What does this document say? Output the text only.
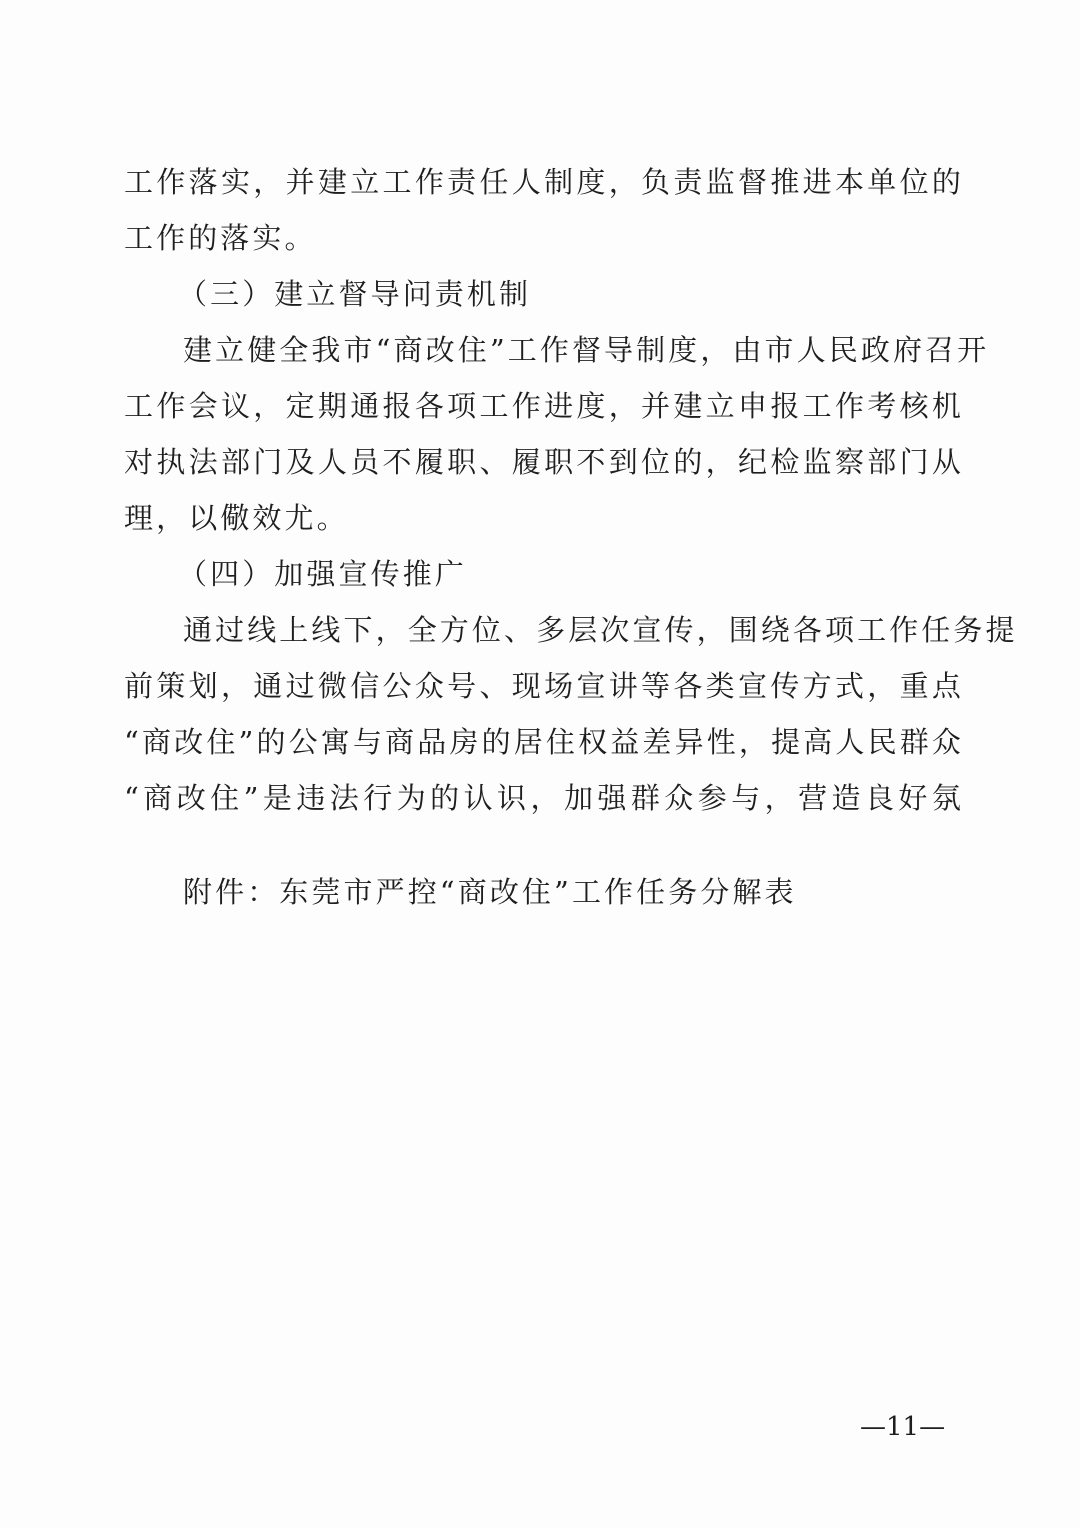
工作落实，并建立工作责任人制度，负责监督推进本单位的
工作的落实。
（三）建立督导问责机制
建立健全我市“商改住”工作督导制度，由市人民政府召开
工作会议，定期通报各项工作进度，并建立申报工作考核机
对执法部门及人员不履职、履职不到位的，纪检监察部门从
理，以儆效尤。
（四）加强宣传推广
通过线上线下，全方位、多层次宣传，围绕各项工作任务提
前策划，通过微信公众号、现场宣讲等各类宣传方式，重点
“商改住”的公寓与商品房的居住权益差异性，提高人民群众
“商改住”是违法行为的认识，加强群众参与，营造良好氛
附件：东莞市严控“商改住”工作任务分解表
—11—
